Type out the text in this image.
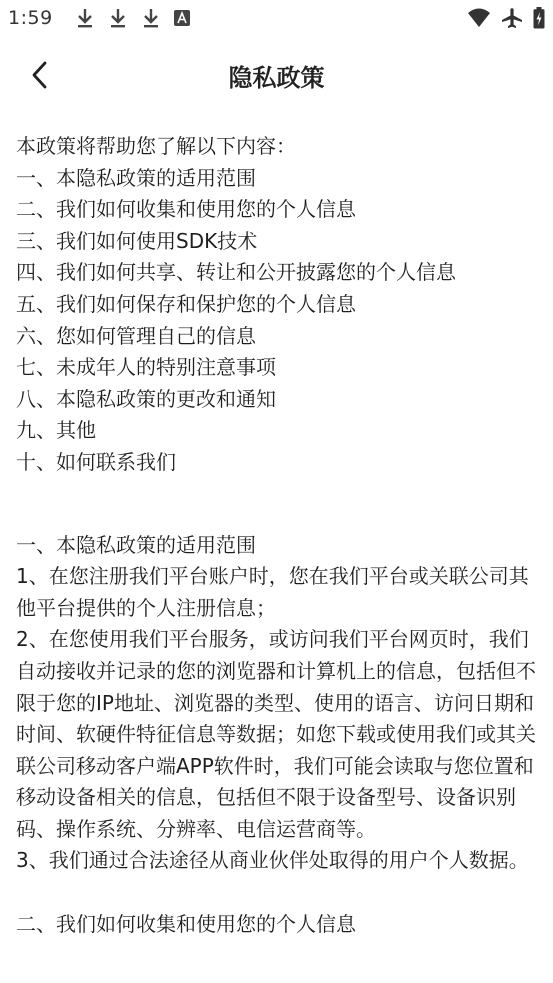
1:59
隐私政策

本政策将帮助您了解以下内容：

一、本隐私政策的适用范围

二、我们如何收集和使用您的个人信息

三、我们如何使用SDK技术

四、我们如何共享、转让和公开披露您的个人信息

五、我们如何保存和保护您的个人信息

六、您如何管理自己的信息

七、未成年人的特别注意事项

八、本隐私政策的更改和通知

九、其他

十、如何联系我们

一、本隐私政策的适用范围

1、在您注册我们平台账户时，您在我们平台或关联公司其他平台提供的个人注册信息；

2、在您使用我们平台服务，或访问我们平台网页时，我们自动接收并记录的您的浏览器和计算机上的信息，包括但不限于您的IP地址、浏览器的类型、使用的语言、访问日期和时间、软硬件特征信息等数据；如您下载或使用我们或其关联公司移动客户端APP软件时，我们可能会读取与您位置和移动设备相关的信息，包括但不限于设备型号、设备识别码、操作系统、分辨率、电信运营商等。

3、我们通过合法途径从商业伙伴处取得的用户个人数据。

二、我们如何收集和使用您的个人信息
